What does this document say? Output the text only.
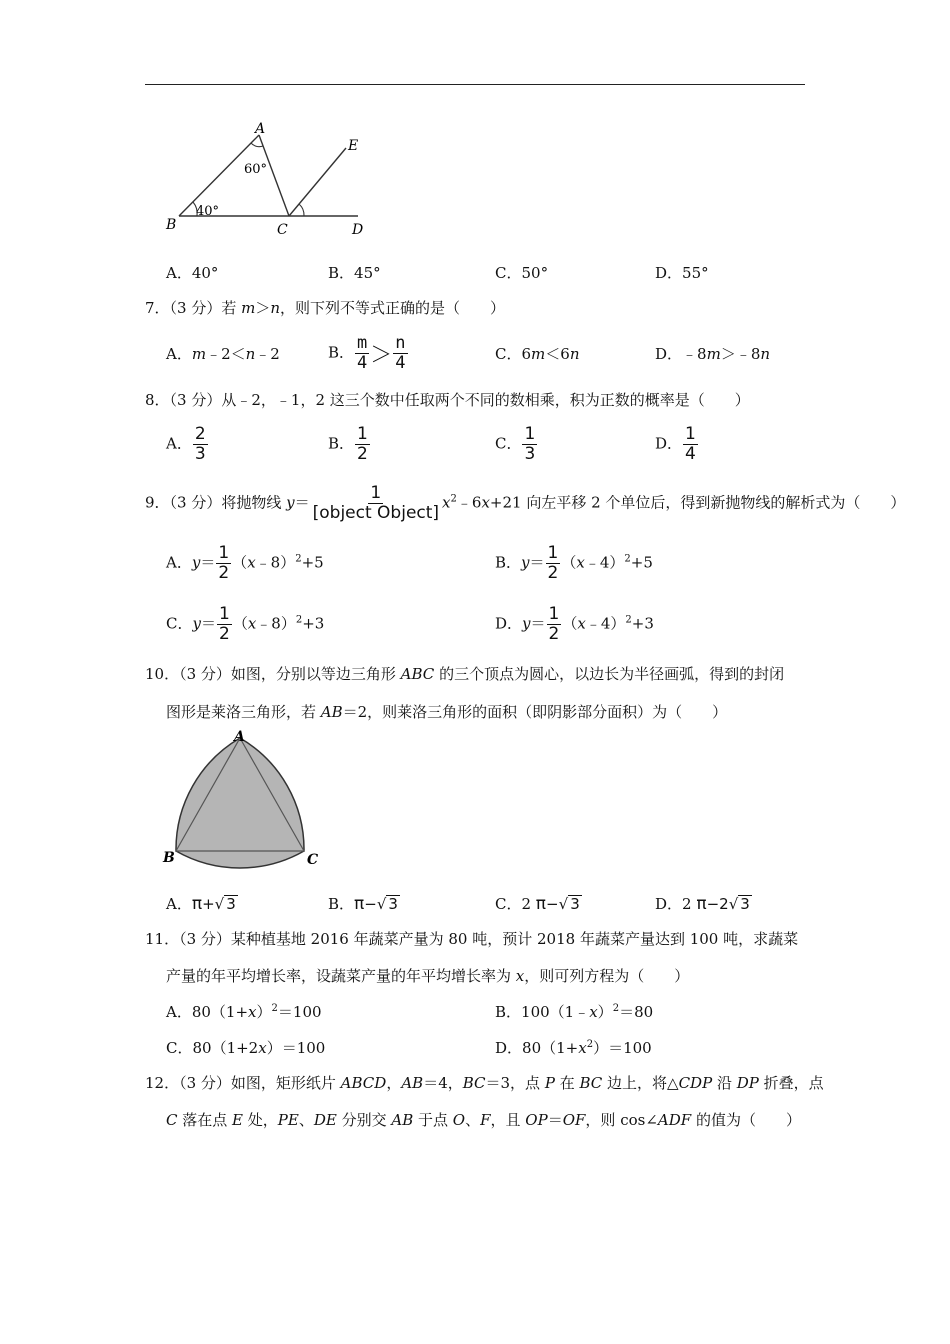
A
B	C	D
E
60°
40°
A．40°	B．45°	C．50°	D．55°
7．（3 分）若 m＞n，则下列不等式正确的是（　　）
A．m﹣2＜n﹣2	B． $\frac{m}{4} > \frac{n}{4}$	C．6m＜6n	D．﹣8m＞﹣8n
8．（3 分）从﹣2，﹣1，2 这三个数中任取两个不同的数相乘，积为正数的概率是（　　）
A． $\frac{2}{3}$	B． $\frac{1}{2}$	C． $\frac{1}{3}$	D． $\frac{1}{4}$
9．（3 分）将抛物线 $y= \frac{1}{\text{[object Object]}}$ $x^2﹣6x+21$ 向左平移 2 个单位后，得到新抛物线的解析式为（　　）
A．$y= \frac{1}{2}$ （x﹣8）$^2$+5	B．$y= \frac{1}{2}$ （x﹣4）$^2$+5
C．$y= \frac{1}{2}$ （x﹣8）$^2$+3	D．$y= \frac{1}{2}$ （x﹣4）$^2$+3
10．（3 分）如图，分别以等边三角形 ABC 的三个顶点为圆心，以边长为半径画弧，得到的封闭
图形是莱洛三角形，若 AB＝2，则莱洛三角形的面积（即阴影部分面积）为（　　）
A
B	C
A．π+√ 3	B．π−√ 3	C．2 π−√ 3	D．2 π−2√ 3
11．（3 分）某种植基地 2016 年蔬菜产量为 80 吨，预计 2018 年蔬菜产量达到 100 吨，求蔬菜
产量的年平均增长率，设蔬菜产量的年平均增长率为 x，则可列方程为（　　）
A．$80(1+x)^2=100$	B．100（1﹣x）$^2$＝80
C．80（1+2x）＝100	D．$80(1+x^2)=100$
12．（3 分）如图，矩形纸片 ABCD，AB＝4，BC＝3，点 P 在 BC 边上，将△CDP 沿 DP 折叠，点
C 落在点 E 处，PE、DE 分别交 AB 于点 O、F，且 OP＝OF，则 cos∠ADF 的值为（　　）
